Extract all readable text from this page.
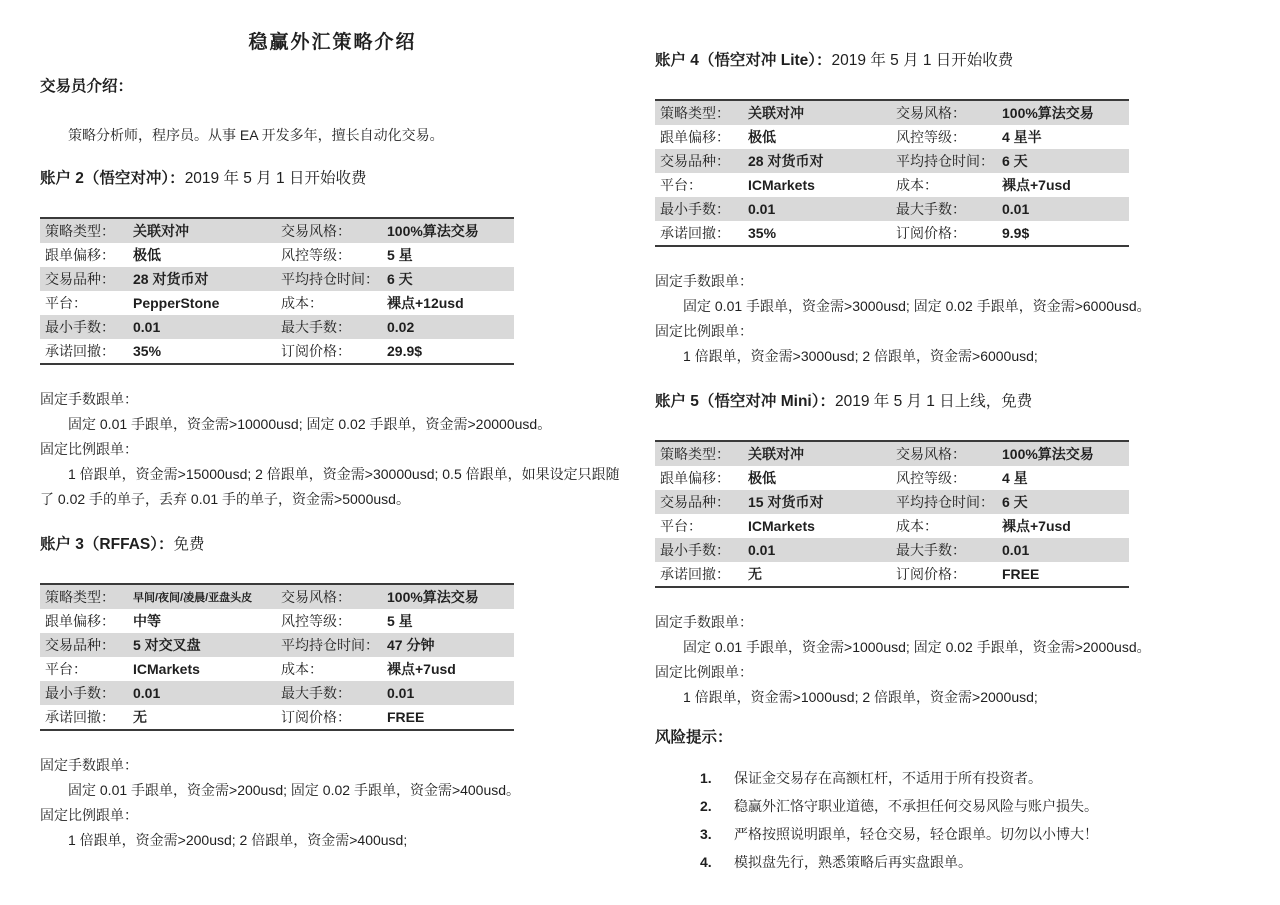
稳赢外汇策略介绍
交易员介绍：

策略分析师，程序员。从事 EA 开发多年，擅长自动化交易。

账户 2（悟空对冲）：2019 年 5 月 1 日开始收费
策略类型：	关联对冲	交易风格：	100%算法交易
跟单偏移：	极低	风控等级：	5 星
交易品种：	28 对货币对	平均持仓时间：	6 天
平台：	PepperStone	成本：	裸点+12usd
最小手数：	0.01	最大手数：	0.02
承诺回撤：	35%	订阅价格：	29.9$

固定手数跟单：

固定 0.01 手跟单，资金需>10000usd; 固定 0.02 手跟单，资金需>20000usd。

固定比例跟单：

1 倍跟单，资金需>15000usd; 2 倍跟单，资金需>30000usd; 0.5 倍跟单，如果设定只跟随了 0.02 手的单子，丢弃 0.01 手的单子，资金需>5000usd。

账户 3（RFFAS）：免费
策略类型：	早间/夜间/凌晨/亚盘头皮	交易风格：	100%算法交易
跟单偏移：	中等	风控等级：	5 星
交易品种：	5 对交叉盘	平均持仓时间：	47 分钟
平台：	ICMarkets	成本：	裸点+7usd
最小手数：	0.01	最大手数：	0.01
承诺回撤：	无	订阅价格：	FREE

固定手数跟单：

固定 0.01 手跟单，资金需>200usd; 固定 0.02 手跟单，资金需>400usd。

固定比例跟单：

1 倍跟单，资金需>200usd; 2 倍跟单，资金需>400usd;

账户 4（悟空对冲 Lite）：2019 年 5 月 1 日开始收费
策略类型：	关联对冲	交易风格：	100%算法交易
跟单偏移：	极低	风控等级：	4 星半
交易品种：	28 对货币对	平均持仓时间：	6 天
平台：	ICMarkets	成本：	裸点+7usd
最小手数：	0.01	最大手数：	0.01
承诺回撤：	35%	订阅价格：	9.9$

固定手数跟单：

固定 0.01 手跟单，资金需>3000usd; 固定 0.02 手跟单，资金需>6000usd。

固定比例跟单：

1 倍跟单，资金需>3000usd; 2 倍跟单，资金需>6000usd;

账户 5（悟空对冲 Mini）：2019 年 5 月 1 日上线，免费
策略类型：	关联对冲	交易风格：	100%算法交易
跟单偏移：	极低	风控等级：	4 星
交易品种：	15 对货币对	平均持仓时间：	6 天
平台：	ICMarkets	成本：	裸点+7usd
最小手数：	0.01	最大手数：	0.01
承诺回撤：	无	订阅价格：	FREE

固定手数跟单：

固定 0.01 手跟单，资金需>1000usd; 固定 0.02 手跟单，资金需>2000usd。

固定比例跟单：

1 倍跟单，资金需>1000usd; 2 倍跟单，资金需>2000usd;

风险提示：
1.	保证金交易存在高额杠杆，不适用于所有投资者。
2.	稳赢外汇恪守职业道德，不承担任何交易风险与账户损失。
3.	严格按照说明跟单，轻仓交易，轻仓跟单。切勿以小博大！
4.	模拟盘先行，熟悉策略后再实盘跟单。
